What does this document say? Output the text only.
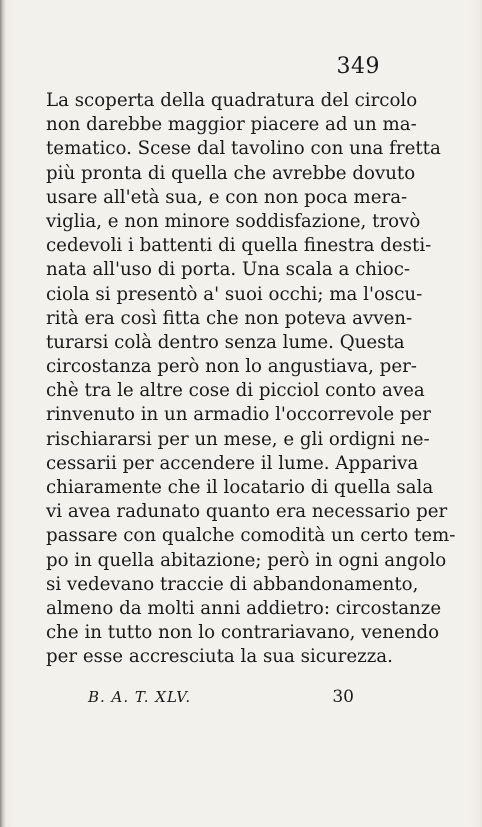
349
La scoperta della quadratura del circolo
non darebbe maggior piacere ad un ma-
tematico. Scese dal tavolino con una fretta
più pronta di quella che avrebbe dovuto
usare all'età sua, e con non poca mera-
viglia, e non minore soddisfazione, trovò
cedevoli i battenti di quella finestra desti-
nata all'uso di porta. Una scala a chioc-
ciola si presentò a' suoi occhi; ma l'oscu-
rità era così fitta che non poteva avven-
turarsi colà dentro senza lume. Questa
circostanza però non lo angustiava, per-
chè tra le altre cose di picciol conto avea
rinvenuto in un armadio l'occorrevole per
rischiararsi per un mese, e gli ordigni ne-
cessarii per accendere il lume. Appariva
chiaramente che il locatario di quella sala
vi avea radunato quanto era necessario per
passare con qualche comodità un certo tem-
po in quella abitazione; però in ogni angolo
si vedevano traccie di abbandonamento,
almeno da molti anni addietro: circostanze
che in tutto non lo contrariavano, venendo
per esse accresciuta la sua sicurezza.
B. A. T. XLV.	30
